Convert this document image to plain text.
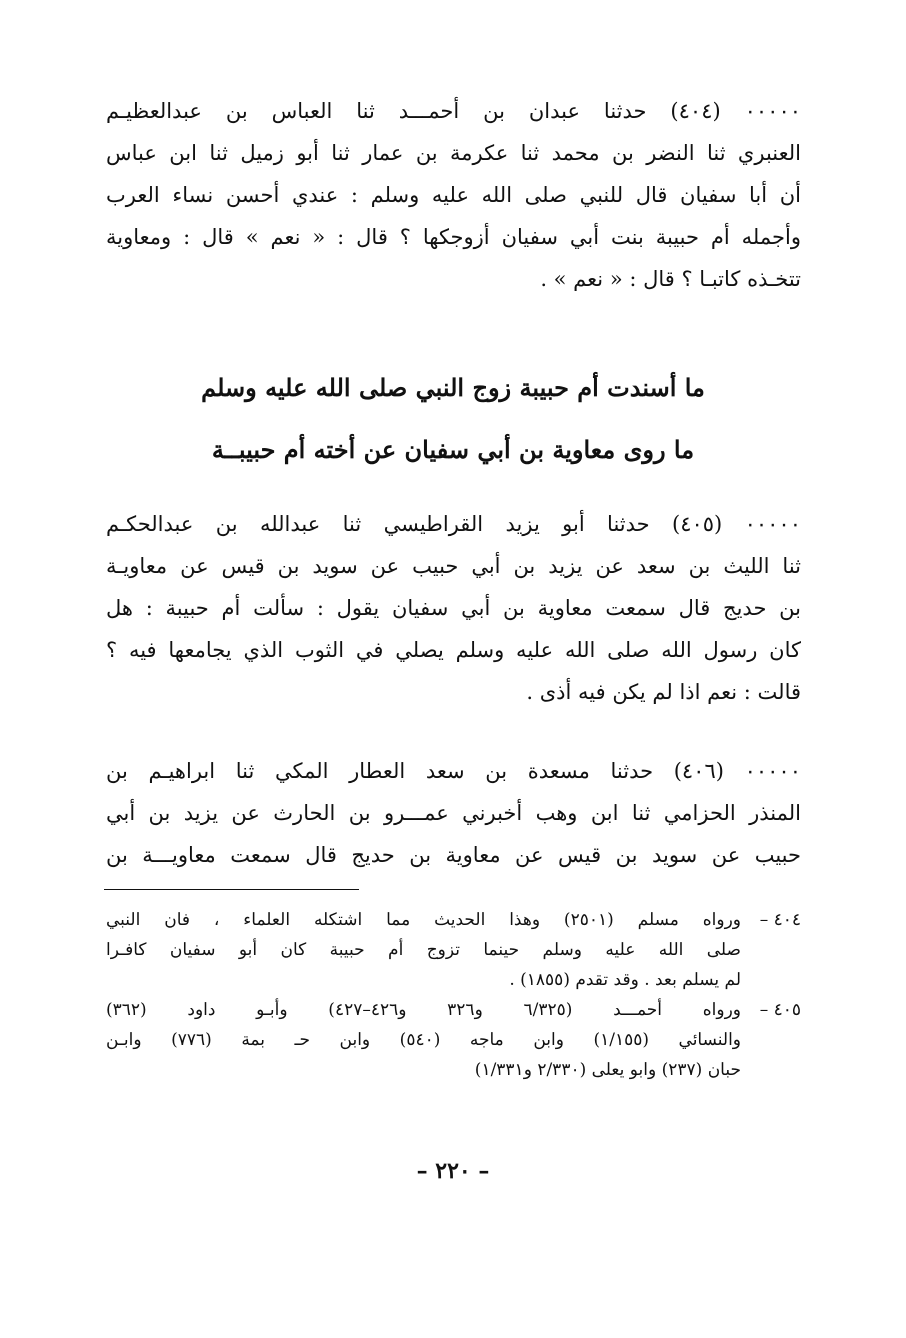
٠٠٠٠٠ (٤٠٤) حدثنا عبدان بن أحمـــد ثنا العباس بن عبدالعظيـم
العنبري ثنا النضر بن محمد ثنا عكرمة بن عمار ثنا أبو زميل ثنا ابن عباس
أن أبا سفيان قال للنبي صلى الله عليه وسلم : عندي أحسن نساء العرب
وأجمله أم حبيبة بنت أبي سفيان أزوجكها ؟ قال : « نعم » قال : ومعاوية
تتخـذه كاتبـا ؟ قال : « نعم » .
ما أسندت أم حبيبة زوج النبي صلى الله عليه وسلم
ما روى معاوية بن أبي سفيان عن أخته أم حبيبــة
٠٠٠٠٠ (٤٠٥) حدثنا أبو يزيد القراطيسي ثنا عبدالله بن عبدالحكـم
ثنا الليث بن سعد عن يزيد بن أبي حبيب عن سويد بن قيس عن معاويـة
بن حديج قال سمعت معاوية بن أبي سفيان يقول : سألت أم حبيبة : هل
كان رسول الله صلى الله عليه وسلم يصلي في الثوب الذي يجامعها فيه ؟
قالت : نعم اذا لم يكن فيه أذى .
٠٠٠٠٠ (٤٠٦) حدثنا مسعدة بن سعد العطار المكي ثنا ابراهيـم بن
المنذر الحزامي ثنا ابن وهب أخبرني عمـــرو بن الحارث عن يزيد بن أبي
حبيب عن سويد بن قيس عن معاوية بن حديج قال سمعت معاويـــة بن
٤٠٤ –
ورواه مسلم (٢٥٠١) وهذا الحديث مما اشتكله العلماء ، فان النبي
صلى الله عليه وسلم حينما تزوج أم حبيبة كان أبو سفيان كافـرا
لم يسلم بعد . وقد تقدم (١٨٥٥) .
٤٠٥ –
ورواه أحمـــد (٦/٣٢٥ و٣٢٦ و٤٢٦–٤٢٧) وأبـو داود (٣٦٢)
والنسائي (١/١٥٥) وابن ماجه (٥٤٠) وابن حـ بمة (٧٧٦) وابـن
حبان (٢٣٧) وابو يعلى (٢/٣٣٠ و١/٣٣١)
– ٢٢٠ –
